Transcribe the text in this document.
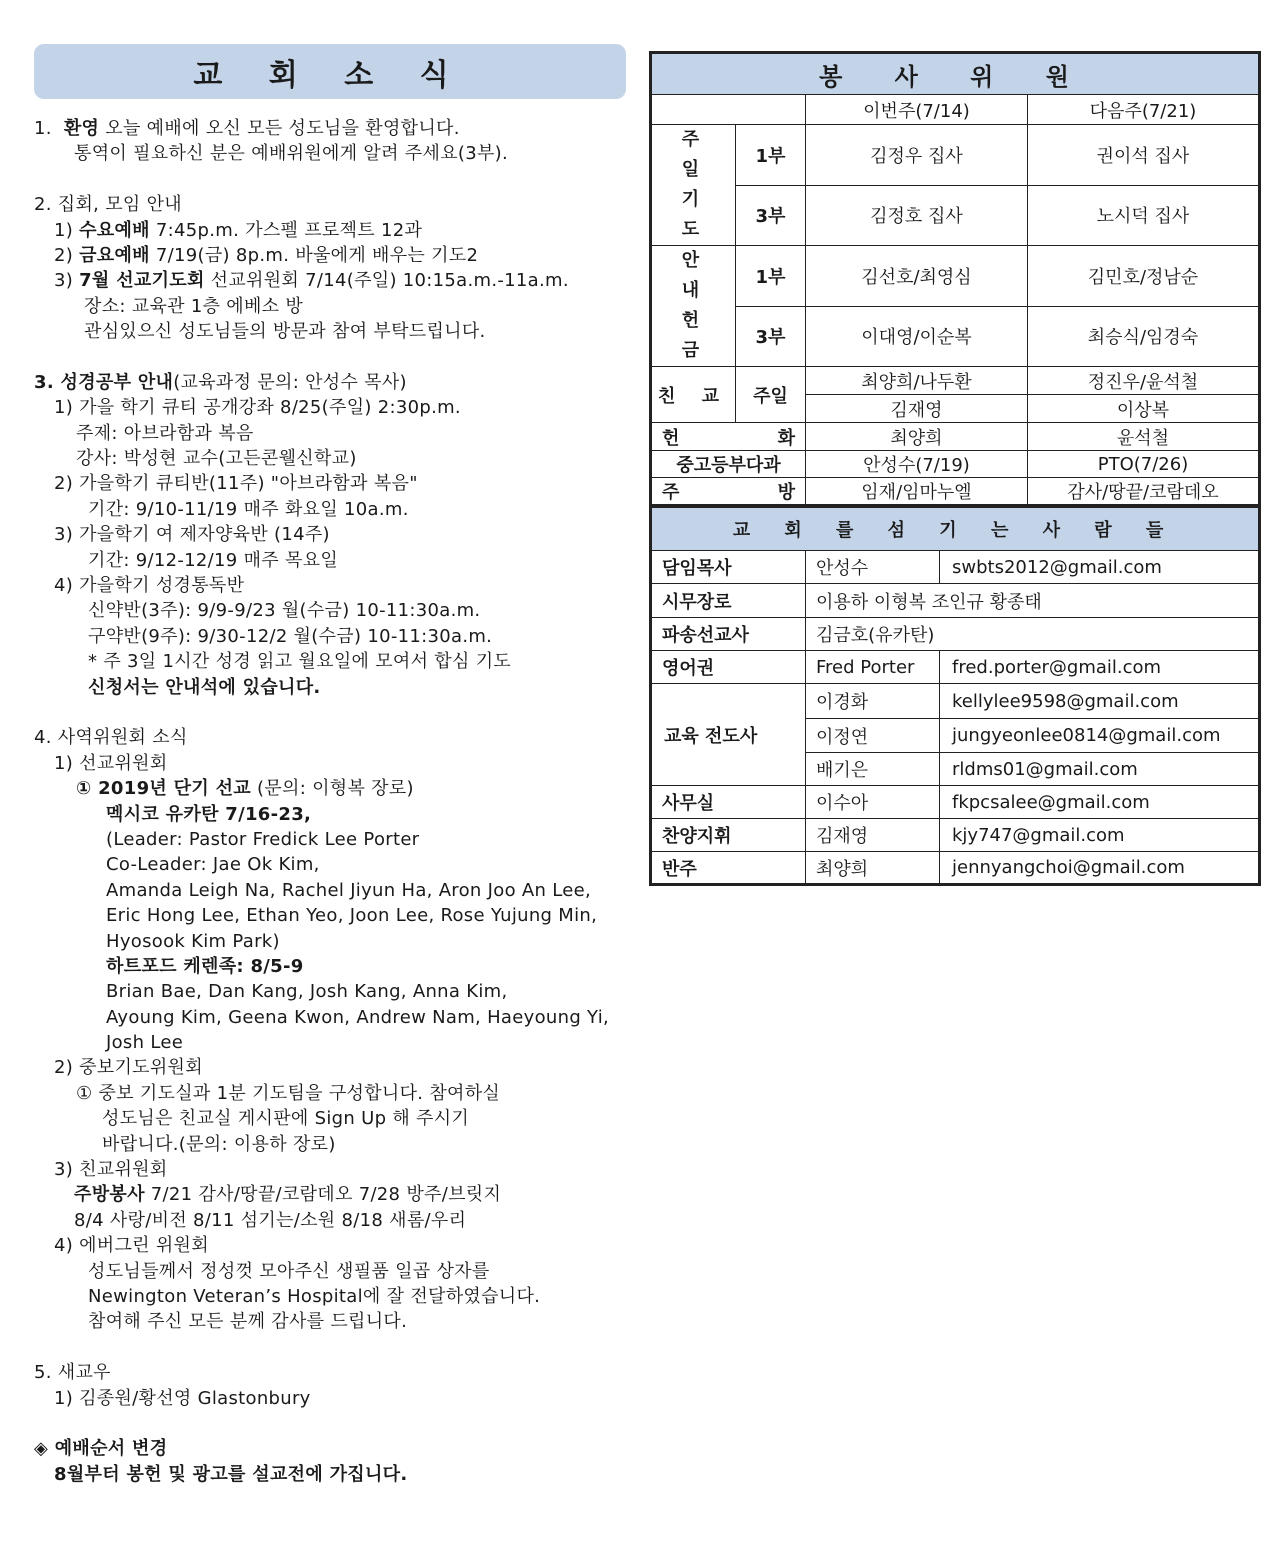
교 회 소 식
1. 환영 오늘 예배에 오신 모든 성도님을 환영합니다.
통역이 필요하신 분은 예배위원에게 알려 주세요(3부).
2. 집회, 모임 안내
1) 수요예배 7:45p.m. 가스펠 프로젝트 12과
2) 금요예배 7/19(금) 8p.m. 바울에게 배우는 기도2
3) 7월 선교기도회 선교위원회 7/14(주일) 10:15a.m.-11a.m.
장소: 교육관 1층 에베소 방
관심있으신 성도님들의 방문과 참여 부탁드립니다.
3. 성경공부 안내(교육과정 문의: 안성수 목사)
1) 가을 학기 큐티 공개강좌 8/25(주일) 2:30p.m.
주제: 아브라함과 복음
강사: 박성현 교수(고든콘웰신학교)
2) 가을학기 큐티반(11주) "아브라함과 복음"
기간: 9/10-11/19 매주 화요일 10a.m.
3) 가을학기 여 제자양육반 (14주)
기간: 9/12-12/19 매주 목요일
4) 가을학기 성경통독반
신약반(3주): 9/9-9/23 월(수금) 10-11:30a.m.
구약반(9주): 9/30-12/2 월(수금) 10-11:30a.m.
* 주 3일 1시간 성경 읽고 월요일에 모여서 합심 기도
신청서는 안내석에 있습니다.
4. 사역위원회 소식
1) 선교위원회
① 2019년 단기 선교 (문의: 이형복 장로)
멕시코 유카탄 7/16-23,
(Leader: Pastor Fredick Lee Porter
Co-Leader: Jae Ok Kim,
Amanda Leigh Na, Rachel Jiyun Ha, Aron Joo An Lee,
Eric Hong Lee, Ethan Yeo, Joon Lee, Rose Yujung Min,
Hyosook Kim Park)
하트포드 케렌족: 8/5-9
Brian Bae, Dan Kang, Josh Kang, Anna Kim,
Ayoung Kim, Geena Kwon, Andrew Nam, Haeyoung Yi,
Josh Lee
2) 중보기도위원회
① 중보 기도실과 1분 기도팀을 구성합니다. 참여하실
성도님은 친교실 게시판에 Sign Up 해 주시기
바랍니다.(문의: 이용하 장로)
3) 친교위원회
주방봉사 7/21 감사/땅끝/코람데오 7/28 방주/브릿지
8/4 사랑/비전 8/11 섬기는/소원 8/18 새롬/우리
4) 에버그린 위원회
성도님들께서 정성껏 모아주신 생필품 일곱 상자를
Newington Veteran’s Hospital에 잘 전달하였습니다.
참여해 주신 모든 분께 감사를 드립니다.
5. 새교우
1) 김종원/황선영 Glastonbury
◈ 예배순서 변경
8월부터 봉헌 및 광고를 설교전에 가집니다.
봉 사 위 원			
		이번주(7/14)	다음주(7/21)
주 일 기 도	1부	김정우 집사	권이석 집사
	3부	김정호 집사	노시덕 집사
안 내 헌 금	1부	김선호/최영심	김민호/정남순
	3부	이대영/이순복	최승식/임경숙
친 교	주일	최양희/나두환	정진우/윤석철
		김재영	이상복
헌 화		최양희	윤석철
중고등부다과		안성수(7/19)	PTO(7/26)
주 방		임재/임마누엘	감사/땅끝/코람데오
교 회 를 섬 기 는 사 람 들		
담임목사	안성수	swbts2012@gmail.com
시무장로	이용하 이형복 조인규 황종태	
파송선교사	김금호(유카탄)	
영어권	Fred Porter	fred.porter@gmail.com
교육 전도사	이경화	kellylee9598@gmail.com
	이정연	jungyeonlee0814@gmail.com
	배기은	rldms01@gmail.com
사무실	이수아	fkpcsalee@gmail.com
찬양지휘	김재영	kjy747@gmail.com
반주	최양희	jennyangchoi@gmail.com
